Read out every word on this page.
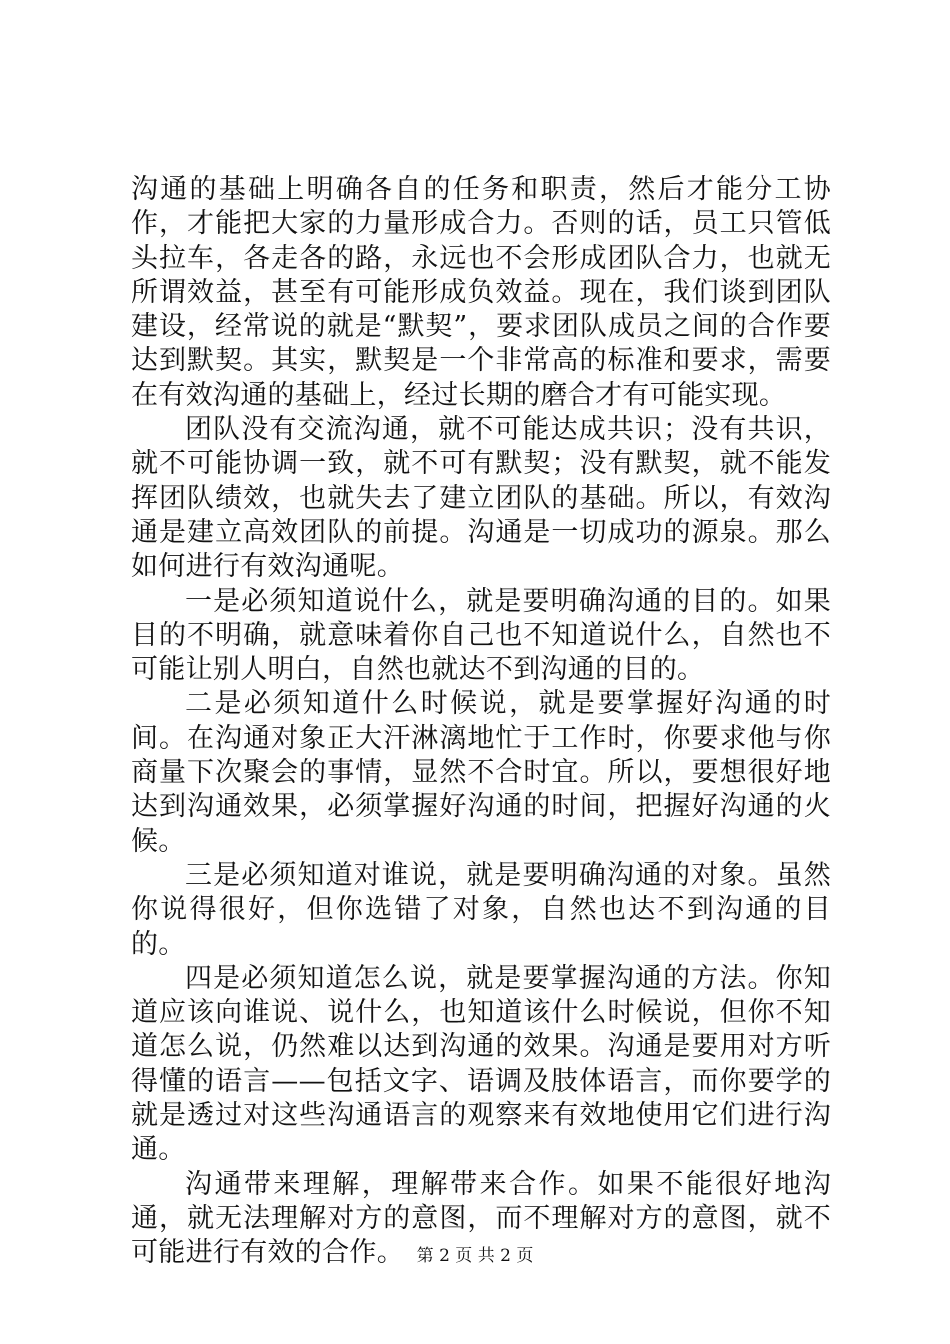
沟通的基础上明确各自的任务和职责，然后才能分工协作，才能把大家的力量形成合力。否则的话，员工只管低头拉车，各走各的路，永远也不会形成团队合力，也就无所谓效益，甚至有可能形成负效益。现在，我们谈到团队建设，经常说的就是“默契”，要求团队成员之间的合作要达到默契。其实，默契是一个非常高的标准和要求，需要在有效沟通的基础上，经过长期的磨合才有可能实现。

团队没有交流沟通，就不可能达成共识；没有共识，就不可能协调一致，就不可有默契；没有默契，就不能发挥团队绩效，也就失去了建立团队的基础。所以，有效沟通是建立高效团队的前提。沟通是一切成功的源泉。那么如何进行有效沟通呢。

一是必须知道说什么，就是要明确沟通的目的。如果目的不明确，就意味着你自己也不知道说什么，自然也不可能让别人明白，自然也就达不到沟通的目的。

二是必须知道什么时候说，就是要掌握好沟通的时间。在沟通对象正大汗淋漓地忙于工作时，你要求他与你商量下次聚会的事情，显然不合时宜。所以，要想很好地达到沟通效果，必须掌握好沟通的时间，把握好沟通的火候。

三是必须知道对谁说，就是要明确沟通的对象。虽然你说得很好，但你选错了对象，自然也达不到沟通的目的。

四是必须知道怎么说，就是要掌握沟通的方法。你知道应该向谁说、说什么，也知道该什么时候说，但你不知道怎么说，仍然难以达到沟通的效果。沟通是要用对方听得懂的语言——包括文字、语调及肢体语言，而你要学的就是透过对这些沟通语言的观察来有效地使用它们进行沟通。

沟通带来理解，理解带来合作。如果不能很好地沟通，就无法理解对方的意图，而不理解对方的意图，就不可能进行有效的合作。 第 2 页 共 2 页
